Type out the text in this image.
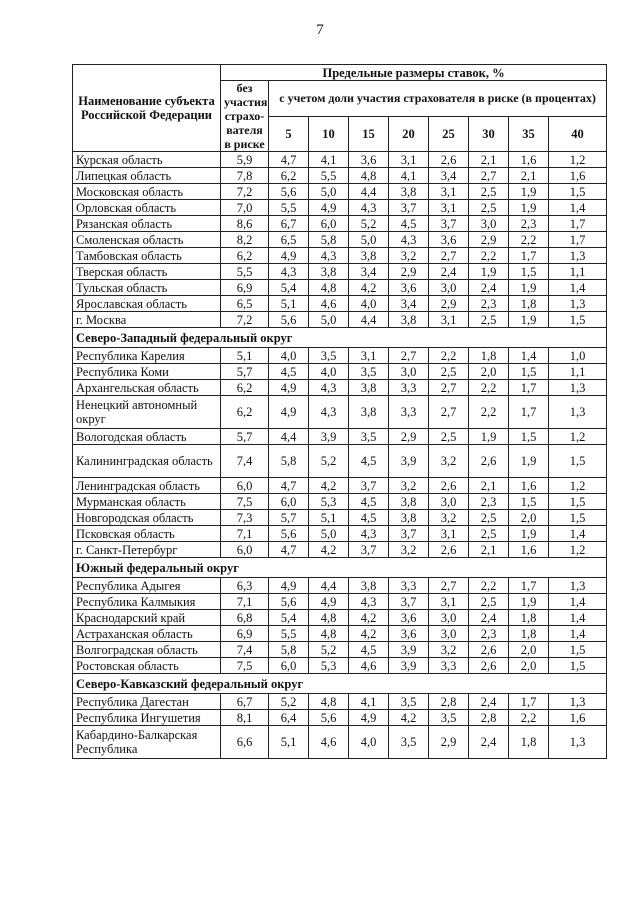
7
Наименование субъекта Российской Федерации	Предельные размеры ставок, %								
	без участия страхо-вателя в риске	с учетом доли участия страхователя в риске (в процентах)							
		5	10	15	20	25	30	35	40
Курская область	5,9	4,7	4,1	3,6	3,1	2,6	2,1	1,6	1,2
Липецкая область	7,8	6,2	5,5	4,8	4,1	3,4	2,7	2,1	1,6
Московская область	7,2	5,6	5,0	4,4	3,8	3,1	2,5	1,9	1,5
Орловская область	7,0	5,5	4,9	4,3	3,7	3,1	2,5	1,9	1,4
Рязанская область	8,6	6,7	6,0	5,2	4,5	3,7	3,0	2,3	1,7
Смоленская область	8,2	6,5	5,8	5,0	4,3	3,6	2,9	2,2	1,7
Тамбовская область	6,2	4,9	4,3	3,8	3,2	2,7	2,2	1,7	1,3
Тверская область	5,5	4,3	3,8	3,4	2,9	2,4	1,9	1,5	1,1
Тульская область	6,9	5,4	4,8	4,2	3,6	3,0	2,4	1,9	1,4
Ярославская область	6,5	5,1	4,6	4,0	3,4	2,9	2,3	1,8	1,3
г. Москва	7,2	5,6	5,0	4,4	3,8	3,1	2,5	1,9	1,5
Северо-Западный федеральный округ									
Республика Карелия	5,1	4,0	3,5	3,1	2,7	2,2	1,8	1,4	1,0
Республика Коми	5,7	4,5	4,0	3,5	3,0	2,5	2,0	1,5	1,1
Архангельская область	6,2	4,9	4,3	3,8	3,3	2,7	2,2	1,7	1,3
Ненецкий автономный округ	6,2	4,9	4,3	3,8	3,3	2,7	2,2	1,7	1,3
Вологодская область	5,7	4,4	3,9	3,5	2,9	2,5	1,9	1,5	1,2
Калининградская область	7,4	5,8	5,2	4,5	3,9	3,2	2,6	1,9	1,5
Ленинградская область	6,0	4,7	4,2	3,7	3,2	2,6	2,1	1,6	1,2
Мурманская область	7,5	6,0	5,3	4,5	3,8	3,0	2,3	1,5	1,5
Новгородская область	7,3	5,7	5,1	4,5	3,8	3,2	2,5	2,0	1,5
Псковская область	7,1	5,6	5,0	4,3	3,7	3,1	2,5	1,9	1,4
г. Санкт-Петербург	6,0	4,7	4,2	3,7	3,2	2,6	2,1	1,6	1,2
Южный федеральный округ									
Республика Адыгея	6,3	4,9	4,4	3,8	3,3	2,7	2,2	1,7	1,3
Республика Калмыкия	7,1	5,6	4,9	4,3	3,7	3,1	2,5	1,9	1,4
Краснодарский край	6,8	5,4	4,8	4,2	3,6	3,0	2,4	1,8	1,4
Астраханская область	6,9	5,5	4,8	4,2	3,6	3,0	2,3	1,8	1,4
Волгоградская область	7,4	5,8	5,2	4,5	3,9	3,2	2,6	2,0	1,5
Ростовская область	7,5	6,0	5,3	4,6	3,9	3,3	2,6	2,0	1,5
Северо-Кавказский федеральный округ									
Республика Дагестан	6,7	5,2	4,8	4,1	3,5	2,8	2,4	1,7	1,3
Республика Ингушетия	8,1	6,4	5,6	4,9	4,2	3,5	2,8	2,2	1,6
Кабардино-Балкарская Республика	6,6	5,1	4,6	4,0	3,5	2,9	2,4	1,8	1,3
